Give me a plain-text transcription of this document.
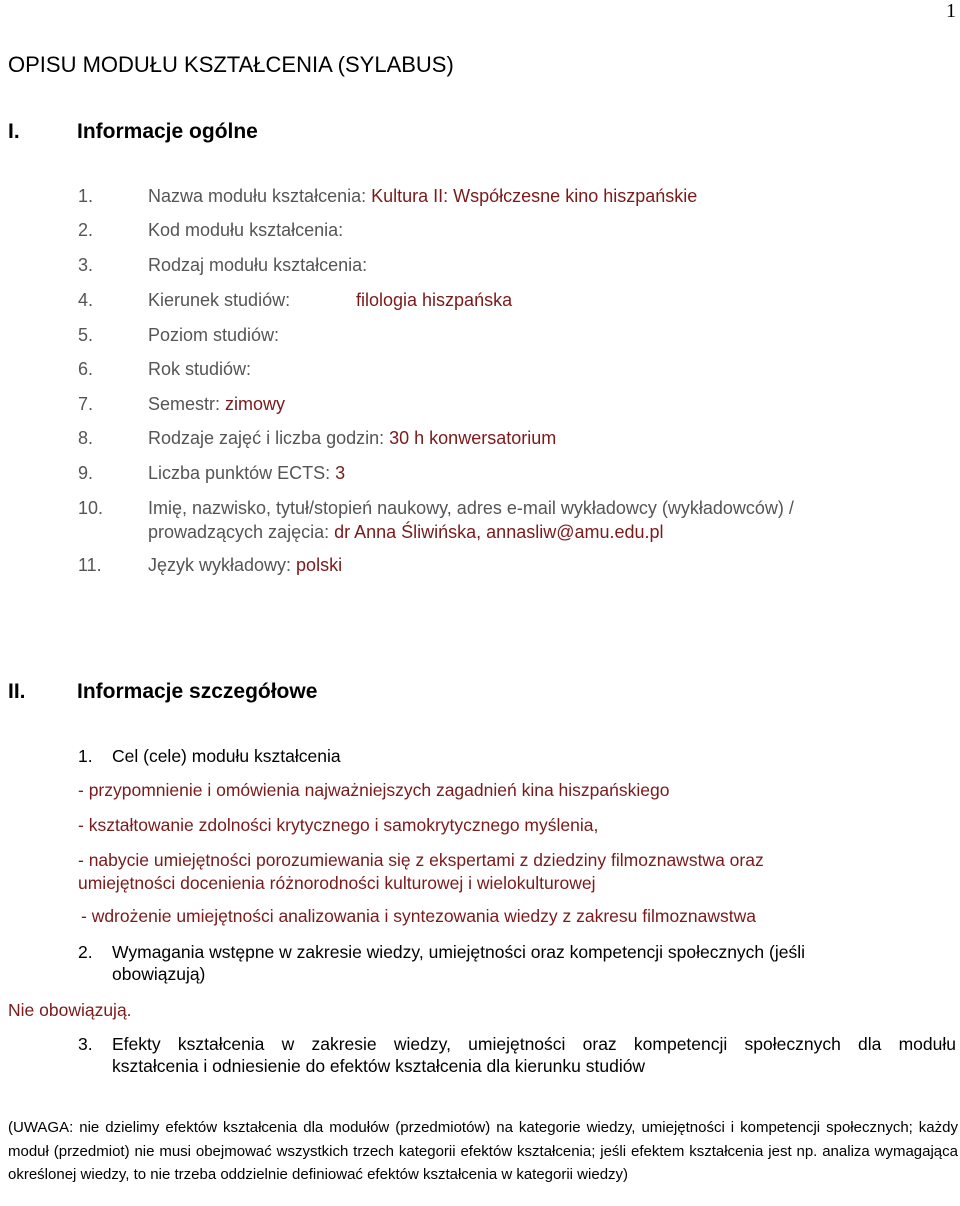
1
OPISU MODUŁU KSZTAŁCENIA (SYLABUS)
I.	Informacje ogólne
1.	Nazwa modułu kształcenia: Kultura II: Współczesne kino hiszpańskie
2.	Kod modułu kształcenia:
3.	Rodzaj modułu kształcenia:
4.	Kierunek studiów:	filologia hiszpańska
5.	Poziom studiów:
6.	Rok studiów:
7.	Semestr: zimowy
8.	Rodzaje zajęć i liczba godzin: 30 h konwersatorium
9.	Liczba punktów ECTS: 3
10. Imię, nazwisko, tytuł/stopień naukowy, adres e-mail wykładowcy (wykładowców) /
prowadzących zajęcia: dr Anna Śliwińska, annasliw@amu.edu.pl
11.	Język wykładowy: polski
II. Informacje szczegółowe
1. Cel (cele) modułu kształcenia
- przypomnienie i omówienia najważniejszych zagadnień kina hiszpańskiego
- kształtowanie zdolności krytycznego i samokrytycznego myślenia,
- nabycie umiejętności porozumiewania się z ekspertami z dziedziny filmoznawstwa oraz
umiejętności docenienia różnorodności kulturowej i wielokulturowej
- wdrożenie umiejętności analizowania i syntezowania wiedzy z zakresu filmoznawstwa
2. Wymagania wstępne w zakresie wiedzy, umiejętności oraz kompetencji społecznych (jeśli
obowiązują)
Nie obowiązują.
3. Efekty kształcenia w zakresie wiedzy, umiejętności oraz kompetencji społecznych dla modułu
kształcenia i odniesienie do efektów kształcenia dla kierunku studiów
(UWAGA: nie dzielimy efektów kształcenia dla modułów (przedmiotów) na kategorie wiedzy, umiejętności i kompetencji społecznych; każdy moduł (przedmiot) nie musi obejmować wszystkich trzech kategorii efektów kształcenia; jeśli efektem kształcenia jest np. analiza wymagająca określonej wiedzy, to nie trzeba oddzielnie definiować efektów kształcenia w kategorii wiedzy)
